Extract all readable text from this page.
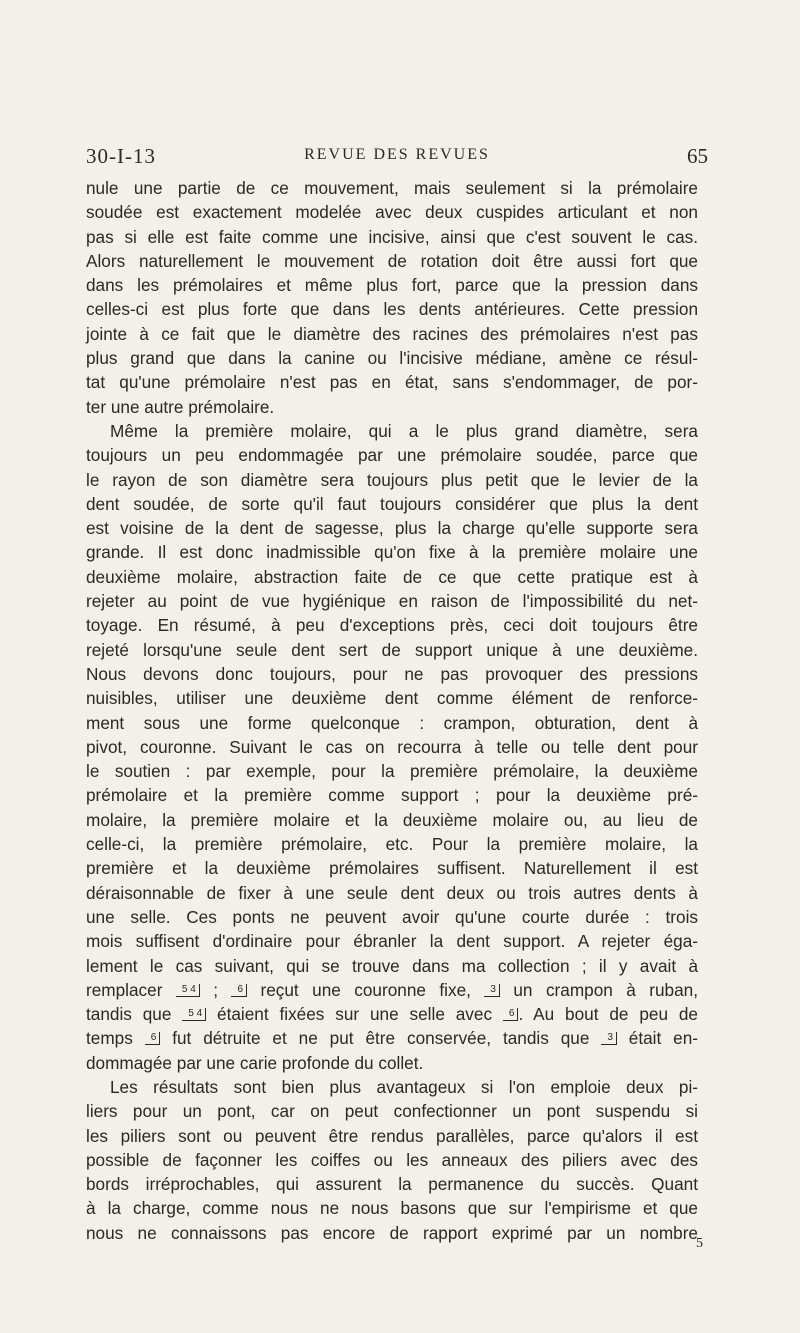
30-I-13	REVUE DES REVUES	65
nule une partie de ce mouvement, mais seulement si la prémolaire
soudée est exactement modelée avec deux cuspides articulant et non
pas si elle est faite comme une incisive, ainsi que c'est souvent le cas.
Alors naturellement le mouvement de rotation doit être aussi fort que
dans les prémolaires et même plus fort, parce que la pression dans
celles-ci est plus forte que dans les dents antérieures. Cette pression
jointe à ce fait que le diamètre des racines des prémolaires n'est pas
plus grand que dans la canine ou l'incisive médiane, amène ce résul-
tat qu'une prémolaire n'est pas en état, sans s'endommager, de por-
ter une autre prémolaire.
Même la première molaire, qui a le plus grand diamètre, sera
toujours un peu endommagée par une prémolaire soudée, parce que
le rayon de son diamètre sera toujours plus petit que le levier de la
dent soudée, de sorte qu'il faut toujours considérer que plus la dent
est voisine de la dent de sagesse, plus la charge qu'elle supporte sera
grande. Il est donc inadmissible qu'on fixe à la première molaire une
deuxième molaire, abstraction faite de ce que cette pratique est à
rejeter au point de vue hygiénique en raison de l'impossibilité du net-
toyage. En résumé, à peu d'exceptions près, ceci doit toujours être
rejeté lorsqu'une seule dent sert de support unique à une deuxième.
Nous devons donc toujours, pour ne pas provoquer des pressions
nuisibles, utiliser une deuxième dent comme élément de renforce-
ment sous une forme quelconque : crampon, obturation, dent à
pivot, couronne. Suivant le cas on recourra à telle ou telle dent pour
le soutien : par exemple, pour la première prémolaire, la deuxième
prémolaire et la première comme support ; pour la deuxième pré-
molaire, la première molaire et la deuxième molaire ou, au lieu de
celle-ci, la première prémolaire, etc. Pour la première molaire, la
première et la deuxième prémolaires suffisent. Naturellement il est
déraisonnable de fixer à une seule dent deux ou trois autres dents à
une selle. Ces ponts ne peuvent avoir qu'une courte durée : trois
mois suffisent d'ordinaire pour ébranler la dent support. A rejeter éga-
lement le cas suivant, qui se trouve dans ma collection ; il y avait à
remplacer 5 4 ; 6 reçut une couronne fixe, 3 un crampon à ruban,
tandis que 5 4 étaient fixées sur une selle avec 6 . Au bout de peu de
temps 6 fut détruite et ne put être conservée, tandis que 3 était en-
dommagée par une carie profonde du collet.
Les résultats sont bien plus avantageux si l'on emploie deux pi-
liers pour un pont, car on peut confectionner un pont suspendu si
les piliers sont ou peuvent être rendus parallèles, parce qu'alors il est
possible de façonner les coiffes ou les anneaux des piliers avec des
bords irréprochables, qui assurent la permanence du succès. Quant
à la charge, comme nous ne nous basons que sur l'empirisme et que
nous ne connaissons pas encore de rapport exprimé par un nombre
5
